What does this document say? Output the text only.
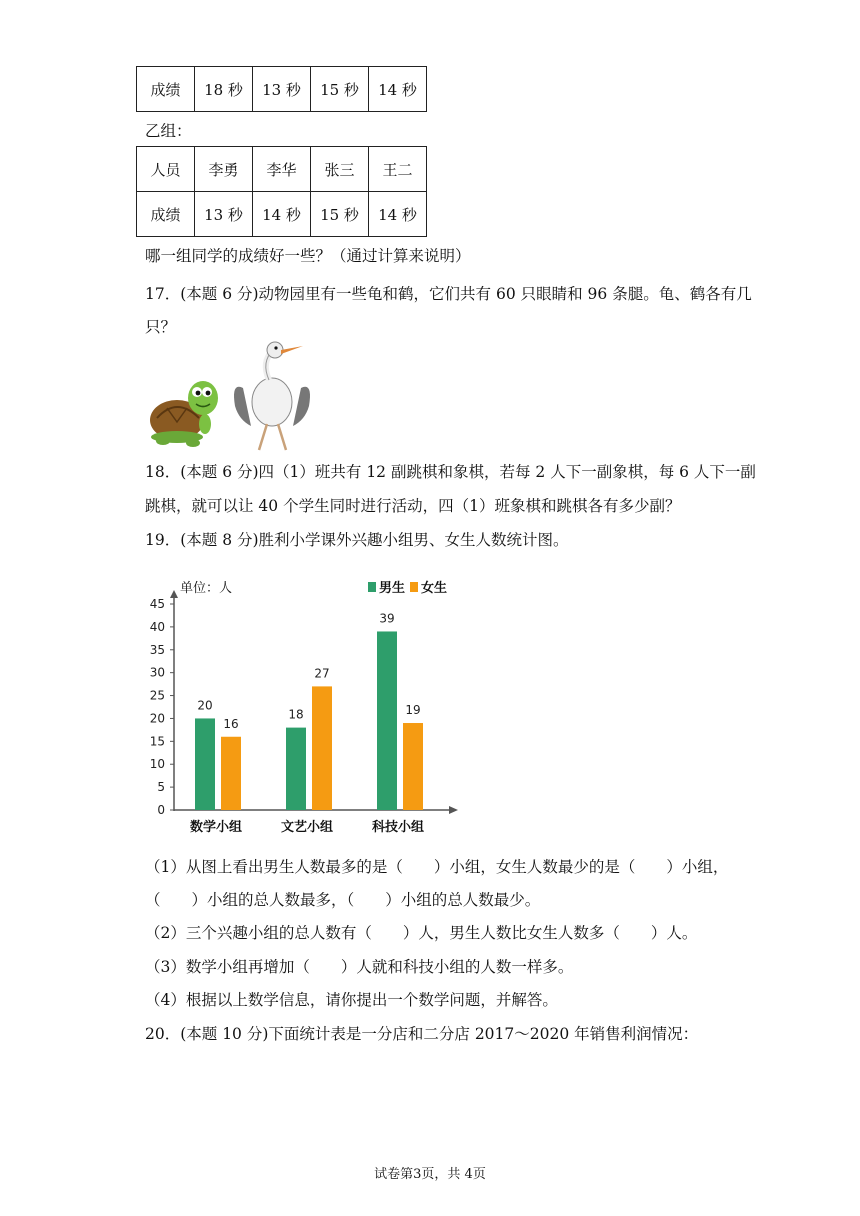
成绩	18 秒	13 秒	15 秒	14 秒
乙组：
人员	李勇	李华	张三	王二
成绩	13 秒	14 秒	15 秒	14 秒
哪一组同学的成绩好一些？（通过计算来说明）
17．(本题 6 分)动物园里有一些龟和鹤，它们共有 60 只眼睛和 96 条腿。龟、鹤各有几
只？
18．(本题 6 分)四（1）班共有 12 副跳棋和象棋，若每 2 人下一副象棋，每 6 人下一副
跳棋，就可以让 40 个学生同时进行活动，四（1）班象棋和跳棋各有多少副？
19．(本题 8 分)胜利小学课外兴趣小组男、女生人数统计图。
0
5
10
15
20
25
30
35
40
45
数学小组	文艺小组	科技小组
20
16
18
27
39
19
男生 女生
单位：人
（1）从图上看出男生人数最多的是（　　）小组，女生人数最少的是（　　）小组，
（　　）小组的总人数最多，（　　）小组的总人数最少。
（2）三个兴趣小组的总人数有（　　）人，男生人数比女生人数多（　　）人。
（3）数学小组再增加（　　）人就和科技小组的人数一样多。
（4）根据以上数学信息，请你提出一个数学问题，并解答。
20．(本题 10 分)下面统计表是一分店和二分店 2017～2020 年销售利润情况：
试卷第3页，共 4页
